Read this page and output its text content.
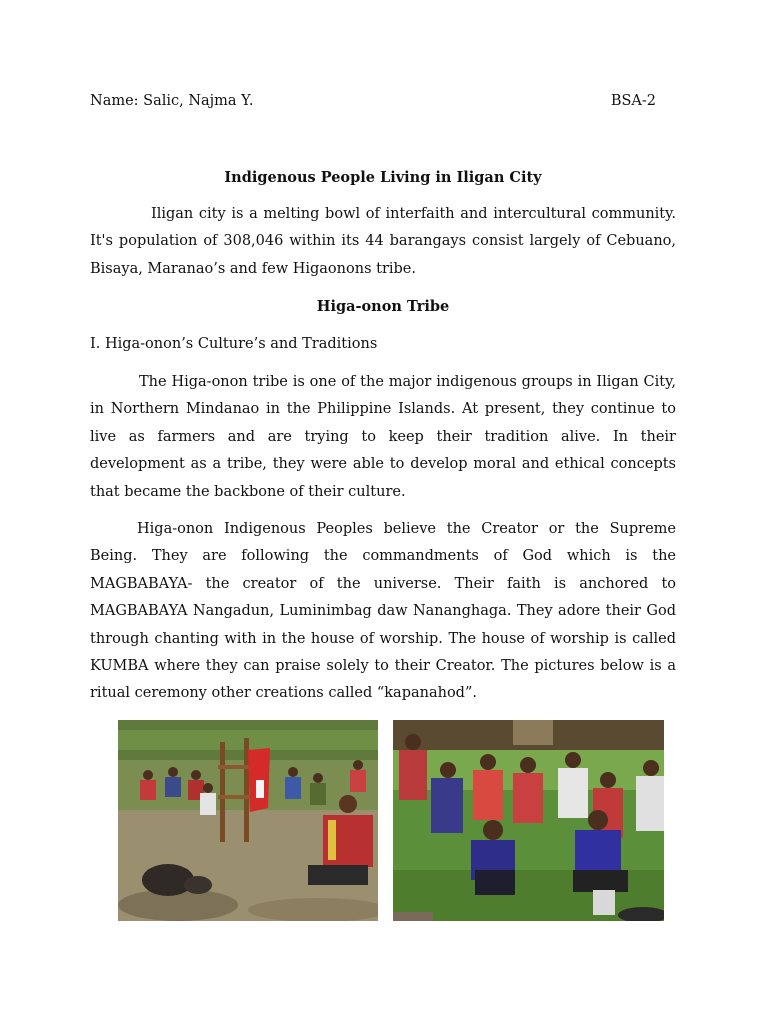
Name: Salic, Najma Y.	BSA-2
Indigenous People Living in Iligan City

Iligan city is a melting bowl of interfaith and intercultural community. It's population of 308,046 within its 44 barangays consist largely of Cebuano, Bisaya, Maranao’s and few Higaonons tribe.

Higa-onon Tribe
I. Higa-onon’s Culture’s and Traditions

The Higa-onon tribe is one of the major indigenous groups in Iligan City, in Northern Mindanao in the Philippine Islands. At present, they continue to live as farmers and are trying to keep their tradition alive. In their development as a tribe, they were able to develop moral and ethical concepts that became the backbone of their culture.

Higa-onon Indigenous Peoples believe the Creator or the Supreme Being. They are following the commandments of God which is the MAGBABAYA- the creator of the universe. Their faith is anchored to MAGBABAYA Nangadun, Luminimbag daw Nananghaga. They adore their God through chanting with in the house of worship. The house of worship is called KUMBA where they can praise solely to their Creator. The pictures below is a ritual ceremony other creations called “kapanahod”.
